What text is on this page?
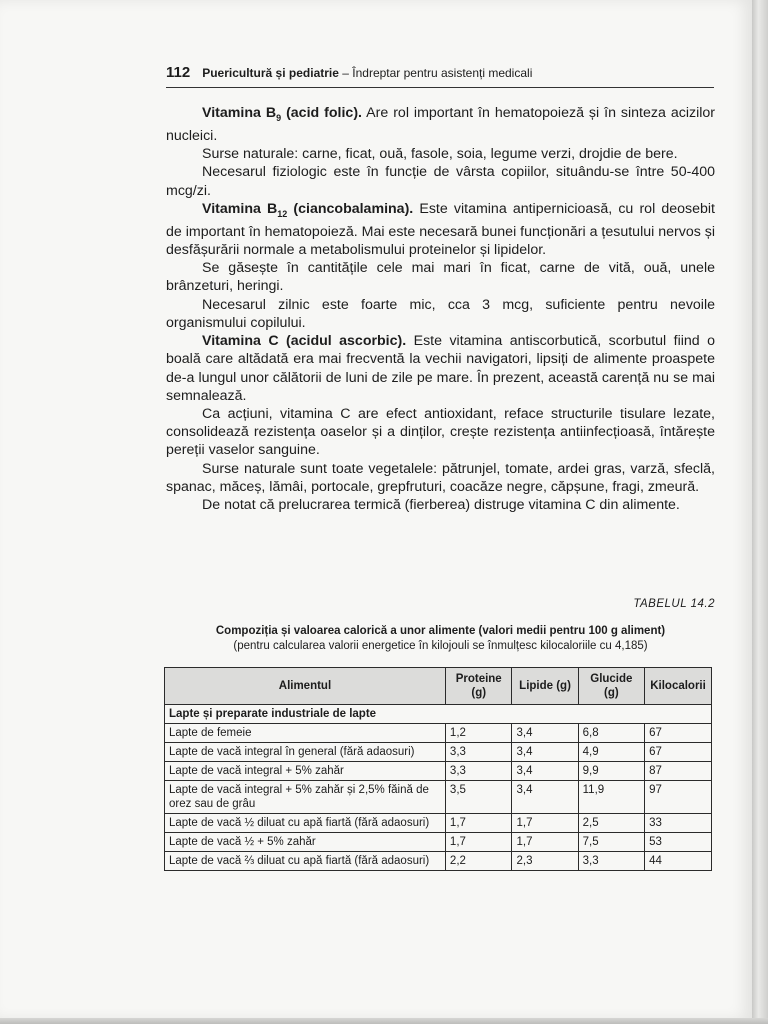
112 Puericultură și pediatrie – Îndreptar pentru asistenți medicali

Vitamina $B_9$ (acid folic). Are rol important în hematopoieză și în sinteza acizilor nucleici.

Surse naturale: carne, ficat, ouă, fasole, soia, legume verzi, drojdie de bere.

Necesarul fiziologic este în funcție de vârsta copiilor, situându-se între 50-400 mcg/zi.

Vitamina $B_{12}$ (ciancobalamina). Este vitamina antipernicioasă, cu rol deosebit de important în hematopoieză. Mai este necesară bunei funcționări a țesutului nervos și desfășurării normale a metabolismului proteinelor și lipidelor.

Se găsește în cantitățile cele mai mari în ficat, carne de vită, ouă, unele brânzeturi, heringi.

Necesarul zilnic este foarte mic, cca 3 mcg, suficiente pentru nevoile organismului copilului.

Vitamina C (acidul ascorbic). Este vitamina antiscorbutică, scorbutul fiind o boală care altădată era mai frecventă la vechii navigatori, lipsiți de alimente proaspete de-a lungul unor călătorii de luni de zile pe mare. În prezent, această carență nu se mai semnalează.

Ca acțiuni, vitamina C are efect antioxidant, reface structurile tisulare lezate, consolidează rezistența oaselor și a dinților, crește rezistența antiinfecțioasă, întărește pereții vaselor sanguine.

Surse naturale sunt toate vegetalele: pătrunjel, tomate, ardei gras, varză, sfeclă, spanac, măceș, lămâi, portocale, grepfruturi, coacăze negre, căpșune, fragi, zmeură.

De notat că prelucrarea termică (fierberea) distruge vitamina C din alimente.

TABELUL 14.2
Compoziția și valoarea calorică a unor alimente (valori medii pentru 100 g aliment)
(pentru calcularea valorii energetice în kilojouli se înmulțesc kilocaloriile cu 4,185)
Alimentul	Proteine (g)	Lipide (g)	Glucide (g)	Kilocalorii
Lapte și preparate industriale de lapte				
Lapte de femeie	1,2	3,4	6,8	67
Lapte de vacă integral în general (fără adaosuri)	3,3	3,4	4,9	67
Lapte de vacă integral + 5% zahăr	3,3	3,4	9,9	87
Lapte de vacă integral + 5% zahăr și 2,5% făină de orez sau de grâu	3,5	3,4	11,9	97
Lapte de vacă ½ diluat cu apă fiartă (fără adaosuri)	1,7	1,7	2,5	33
Lapte de vacă ½ + 5% zahăr	1,7	1,7	7,5	53
Lapte de vacă ⅔ diluat cu apă fiartă (fără adaosuri)	2,2	2,3	3,3	44
